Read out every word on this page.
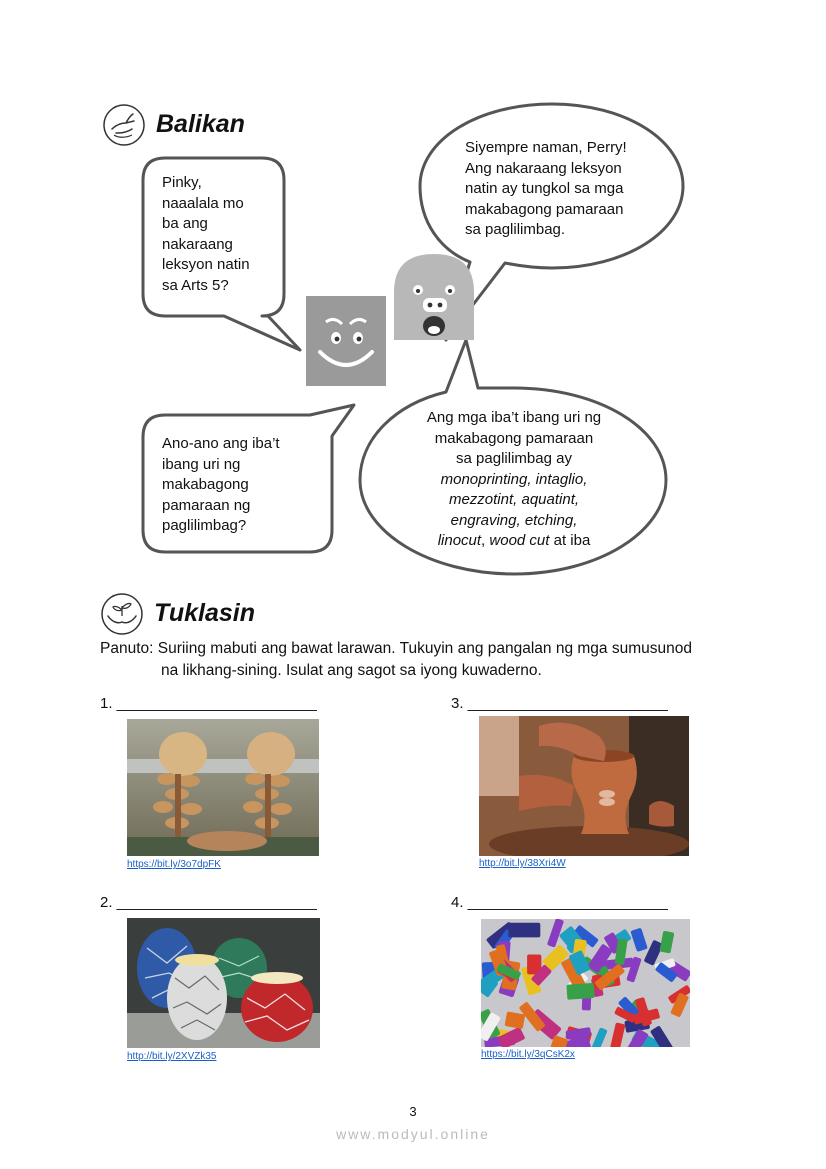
Balikan
Pinky,
naaalala mo
ba ang
nakaraang
leksyon natin
sa Arts 5?
Siyempre naman, Perry!
Ang nakaraang leksyon
natin ay tungkol sa mga
makabagong pamaraan
sa paglilimbag.
Ano-ano ang iba’t
ibang uri ng
makabagong
pamaraan ng
paglilimbag?
Ang mga iba’t ibang uri ng
makabagong pamaraan
sa paglilimbag ay
monoprinting, intaglio,
mezzotint, aquatint,
engraving, etching,
linocut, wood cut at iba
Tuklasin
Panuto: Suriing mabuti ang bawat larawan. Tukuyin ang pangalan ng mga sumusunod
na likhang-sining. Isulat ang sagot sa iyong kuwaderno.
1. ________________________
https://bit.ly/3o7dpFK
3. ________________________
http://bit.ly/38Xri4W
2. ________________________
http://bit.ly/2XVZk35
4. ________________________
https://bit.ly/3qCsK2x
3
www.modyul.online
